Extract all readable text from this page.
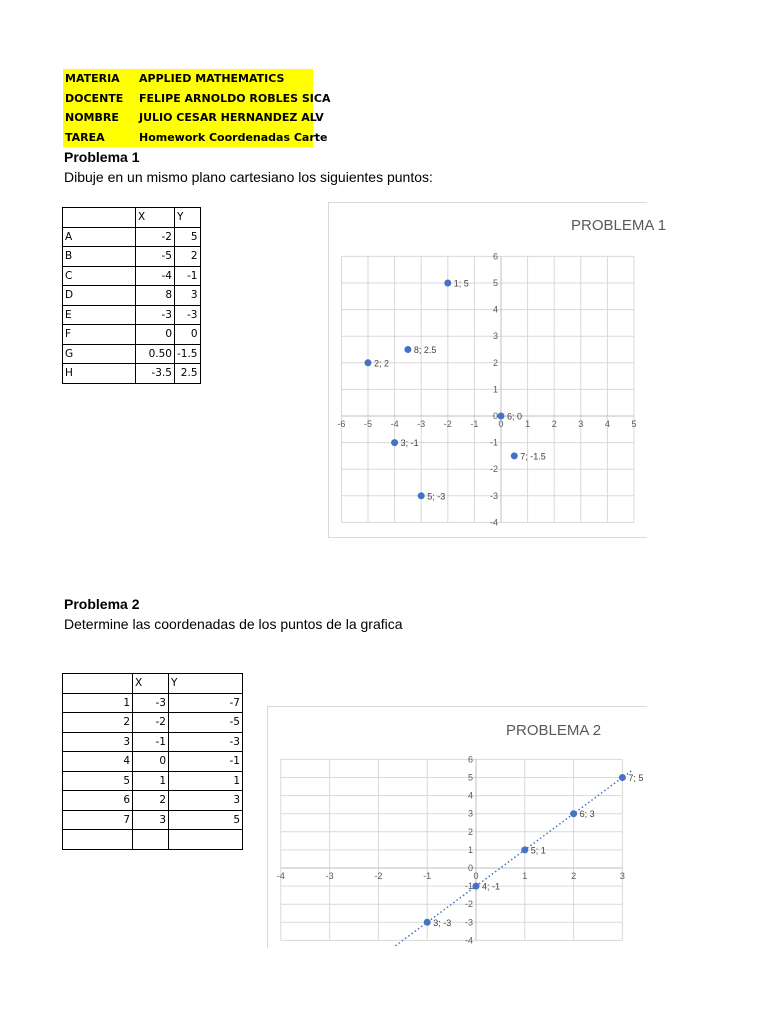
MATERIA APPLIED MATHEMATICS
DOCENTE FELIPE ARNOLDO ROBLES SICA
NOMBRE JULIO CESAR HERNANDEZ ALV
TAREA	Homework Coordenadas Carte
Problema 1
Dibuje en un mismo plano cartesiano los siguientes puntos:
	X	Y
A	-2	5
B	-5	2
C	-4	-1
D	8	3
E	-3	-3
F	0	0
G	0.50	-1.5
H	-3.5	2.5
-6 -5 -4 -3 -2 -1 0 1 2 3 4 5
-4
-3
-2
-1
0
1
2
3
4
5
6
PROBLEMA 1
1; 5
2; 2
3; -1
5; -3
6; 0
7; -1.5
8; 2.5
Problema 2
Determine las coordenadas de los puntos de la grafica
	X	Y
1	-3	-7
2	-2	-5
3	-1	-3
4	0	-1
5	1	1
6	2	3
7	3	5

-4	-3	-2	-1	0	1	2	3
-4
-3
-2
-1
0
1
2
3
4
5
6
PROBLEMA 2
3; -3
4; -1
5; 1
6; 3
7; 5
